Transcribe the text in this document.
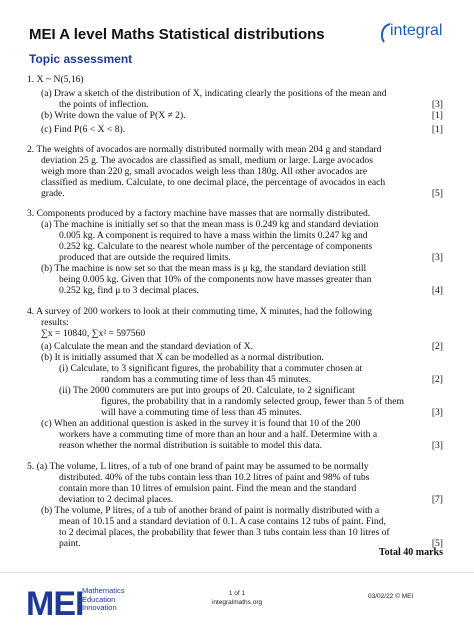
MEI A level Maths Statistical distributions
Topic assessment
integral
1. X ~ N(5,16)
(a) Draw a sketch of the distribution of X, indicating clearly the positions of the mean and
the points of inflection.	[3]
(b) Write down the value of P(X ≠ 2).	[1]
(c) Find P(6 < X < 8).	[1]
2. The weights of avocados are normally distributed normally with mean 204 g and standard
deviation 25 g. The avocados are classified as small, medium or large. Large avocados
weigh more than 220 g, small avocados weigh less than 180g. All other avocados are
classified as medium. Calculate, to one decimal place, the percentage of avocados in each
grade.	[5]
3. Components produced by a factory machine have masses that are normally distributed.
(a) The machine is initially set so that the mean mass is 0.249 kg and standard deviation
0.005 kg. A component is required to have a mass within the limits 0.247 kg and
0.252 kg. Calculate to the nearest whole number of the percentage of components
produced that are outside the required limits.	[3]
(b) The machine is now set so that the mean mass is μ kg, the standard deviation still
being 0.005 kg. Given that 10% of the components now have masses greater than
0.252 kg, find μ to 3 decimal places.	[4]
4. A survey of 200 workers to look at their commuting time, X minutes, had the following
results:
∑x = 10840, ∑x² = 597560
(a) Calculate the mean and the standard deviation of X.	[2]
(b) It is initially assumed that X can be modelled as a normal distribution.
(i) Calculate, to 3 significant figures, the probability that a commuter chosen at
random has a commuting time of less than 45 minutes.	[2]
(ii) The 2000 commuters are put into groups of 20. Calculate, to 2 significant
figures, the probability that in a randomly selected group, fewer than 5 of them
will have a commuting time of less than 45 minutes.	[3]
(c) When an additional question is asked in the survey it is found that 10 of the 200
workers have a commuting time of more than an hour and a half. Determine with a
reason whether the normal distribution is suitable to model this data.	[3]
5. (a) The volume, L litres, of a tub of one brand of paint may be assumed to be normally
distributed. 40% of the tubs contain less than 10.2 litres of paint and 98% of tubs
contain more than 10 litres of emulsion paint. Find the mean and the standard
deviation to 2 decimal places.	[7]
(b) The volume, P litres, of a tub of another brand of paint is normally distributed with a
mean of 10.15 and a standard deviation of 0.1. A case contains 12 tubs of paint. Find,
to 2 decimal places, the probability that fewer than 3 tubs contain less than 10 litres of
paint.	[5]
Total 40 marks
MEI
Mathematics
Education
Innovation
1 of 1
integralmaths.org
03/02/22 © MEI
